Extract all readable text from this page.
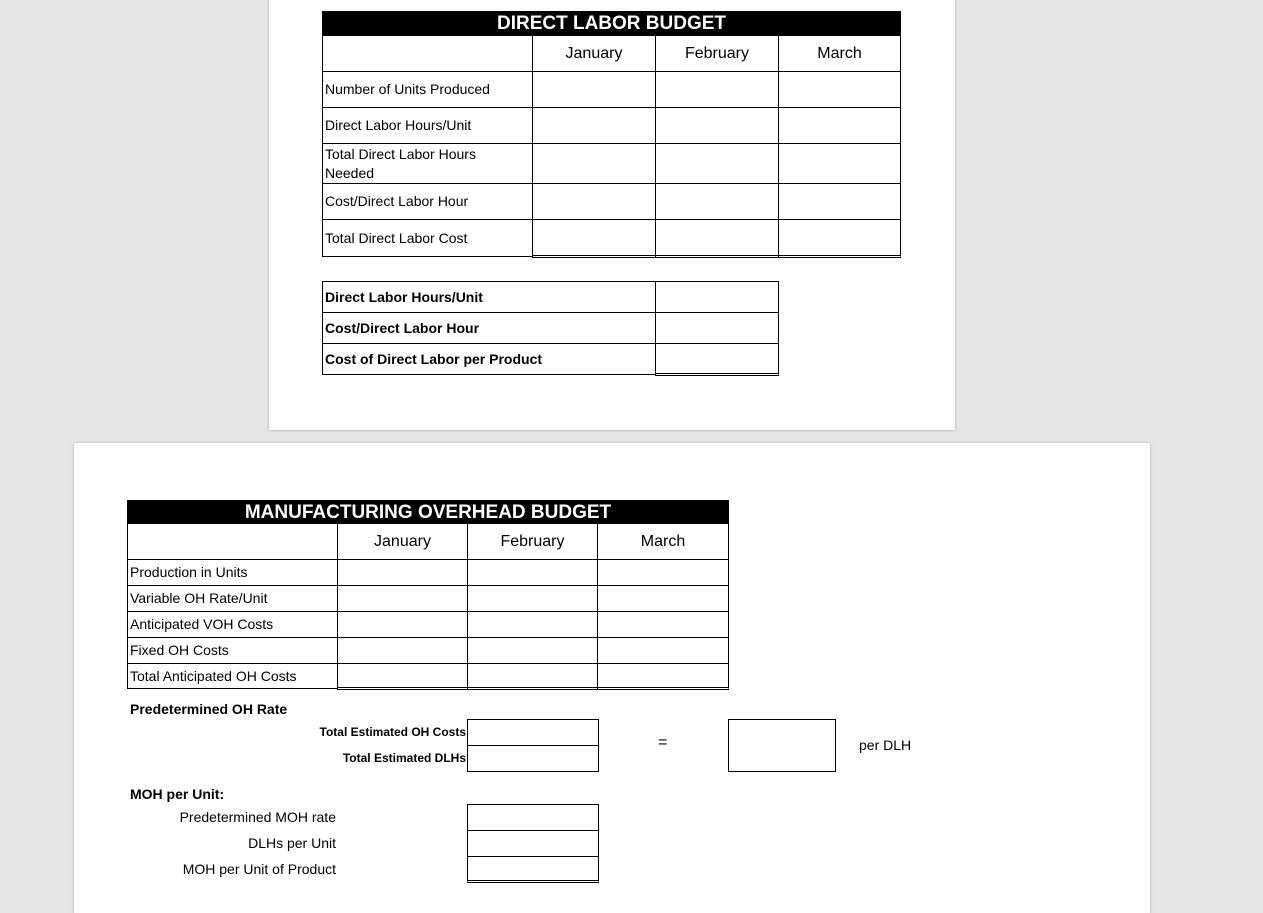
DIRECT LABOR BUDGET
January	February	March
Number of Units Produced
Direct Labor Hours/Unit
Total Direct Labor Hours Needed
Cost/Direct Labor Hour
Total Direct Labor Cost
Direct Labor Hours/Unit
Cost/Direct Labor Hour
Cost of Direct Labor per Product
MANUFACTURING OVERHEAD BUDGET
January	February	March
Production in Units
Variable OH Rate/Unit
Anticipated VOH Costs
Fixed OH Costs
Total Anticipated OH Costs
Predetermined OH Rate
Total Estimated OH Costs
Total Estimated DLHs
=	per DLH
MOH per Unit:
Predetermined MOH rate
DLHs per Unit
MOH per Unit of Product
